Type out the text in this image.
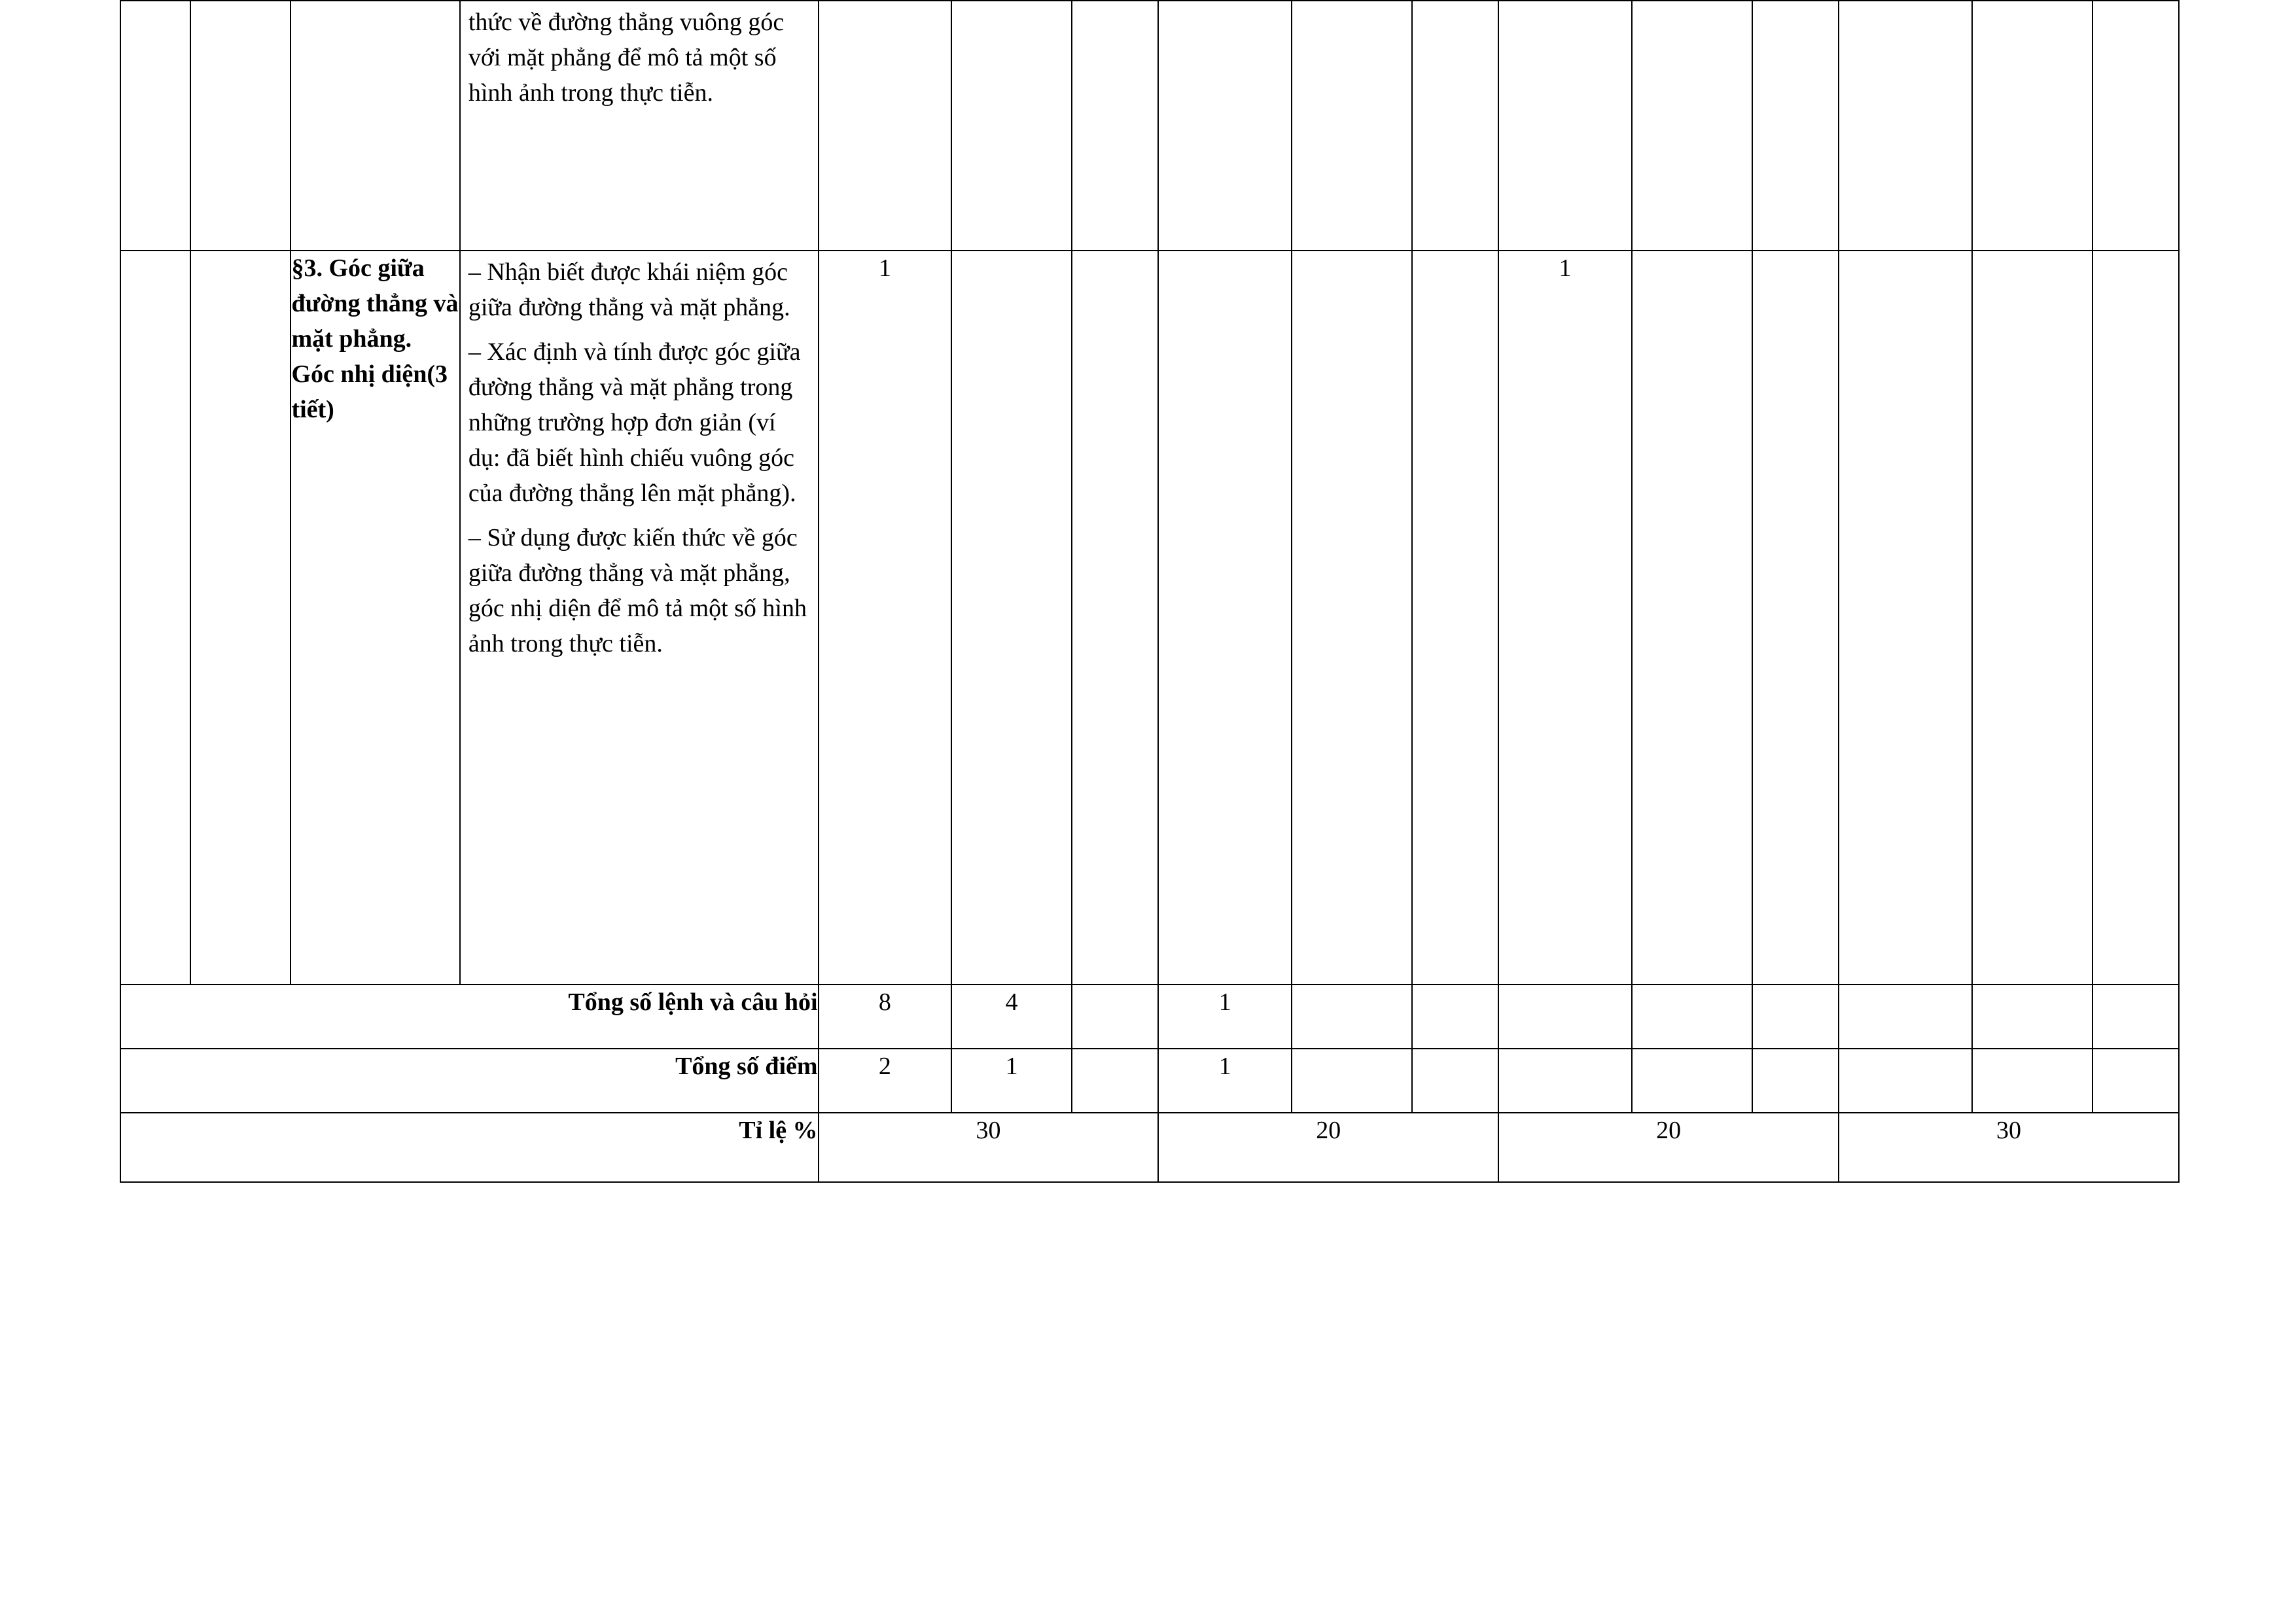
			thức về đường thẳng vuông góc với mặt phẳng để mô tả một số hình ảnh trong thực tiễn.												

		§3. Góc giữa đường thẳng và mặt phẳng. Góc nhị diện(3 tiết)	– Nhận biết được khái niệm góc giữa đường thẳng và mặt phẳng.

– Xác định và tính được góc giữa đường thẳng và mặt phẳng trong những trường hợp đơn giản (ví dụ: đã biết hình chiếu vuông góc của đường thẳng lên mặt phẳng).

– Sử dụng được kiến thức về góc giữa đường thẳng và mặt phẳng, góc nhị diện để mô tả một số hình ảnh trong thực tiễn.	1						1					
Tổng số lệnh và câu hỏi				8	4		1								
Tổng số điểm				2	1		1								
Tỉ lệ %				30			20			20			30		
